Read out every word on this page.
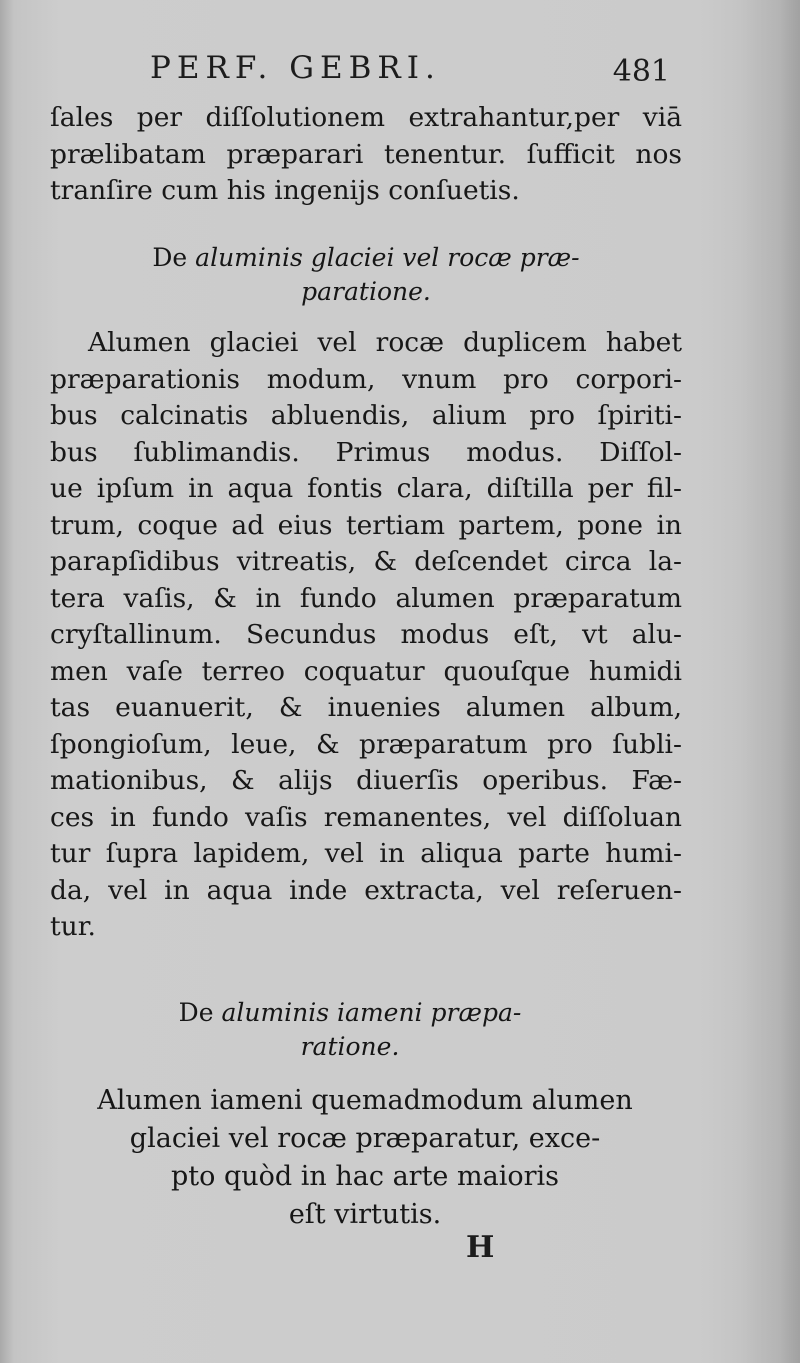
PERF. GEBRI.	481
ſales per diſſolutionem extrahantur,per viā
prælibatam præparari tenentur. ſufficit nos
tranſire cum his ingenijs conſuetis.
De aluminis glaciei vel rocæ præ-
paratione.
Alumen glaciei vel rocæ duplicem habet
præparationis modum, vnum pro corpori-
bus calcinatis abluendis, alium pro ſpiriti-
bus ſublimandis. Primus modus. Diſſol-
ue ipſum in aqua fontis clara, diſtilla per fil-
trum, coque ad eius tertiam partem, pone in
parapſidibus vitreatis, & deſcendet circa la-
tera vaſis, & in fundo alumen præparatum
cryſtallinum. Secundus modus eſt, vt alu-
men vaſe terreo coquatur quouſque humidi
tas euanuerit, & inuenies alumen album,
ſpongioſum, leue, & præparatum pro ſubli-
mationibus, & alijs diuerſis operibus. Fæ-
ces in fundo vaſis remanentes, vel diſſoluan
tur ſupra lapidem, vel in aliqua parte humi-
da, vel in aqua inde extracta, vel reſeruen-
tur.
De aluminis iameni præpa-
ratione.
Alumen iameni quemadmodum alumen
glaciei vel rocæ præparatur, exce-
pto quòd in hac arte maioris
eſt virtutis.
H
